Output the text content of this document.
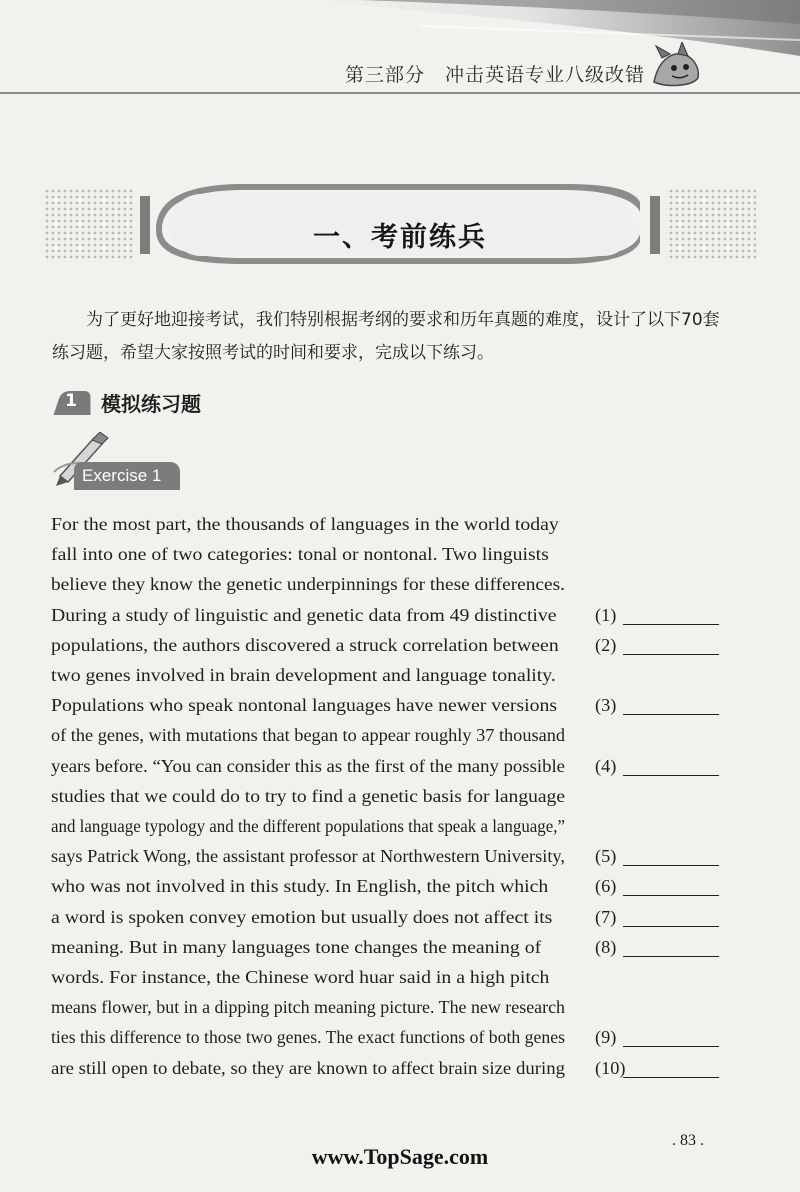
第三部分　冲击英语专业八级改错
一、考前练兵

为了更好地迎接考试，我们特别根据考纲的要求和历年真题的难度，设计了以下70套练习题，希望大家按照考试的时间和要求，完成以下练习。

1 模拟练习题
Exercise 1
For the most part, the thousands of languages in the world today
fall into one of two categories: tonal or nontonal. Two linguists
believe they know the genetic underpinnings for these differences.
During a study of linguistic and genetic data from 49 distinctive (1)
populations, the authors discovered a struck correlation between (2)
two genes involved in brain development and language tonality.
Populations who speak nontonal languages have newer versions (3)
of the genes, with mutations that began to appear roughly 37 thousand
years before. “You can consider this as the first of the many possible (4)
studies that we could do to try to find a genetic basis for language
and language typology and the different populations that speak a language,”
says Patrick Wong, the assistant professor at Northwestern University, (5)
who was not involved in this study. In English, the pitch which	(6)
a word is spoken convey emotion but usually does not affect its (7)
meaning. But in many languages tone changes the meaning of	(8)
words. For instance, the Chinese word huar said in a high pitch
means flower, but in a dipping pitch meaning picture. The new research
ties this difference to those two genes. The exact functions of both genes (9)
are still open to debate, so they are known to affect brain size during (10)
. 83 .
www.TopSage.com
